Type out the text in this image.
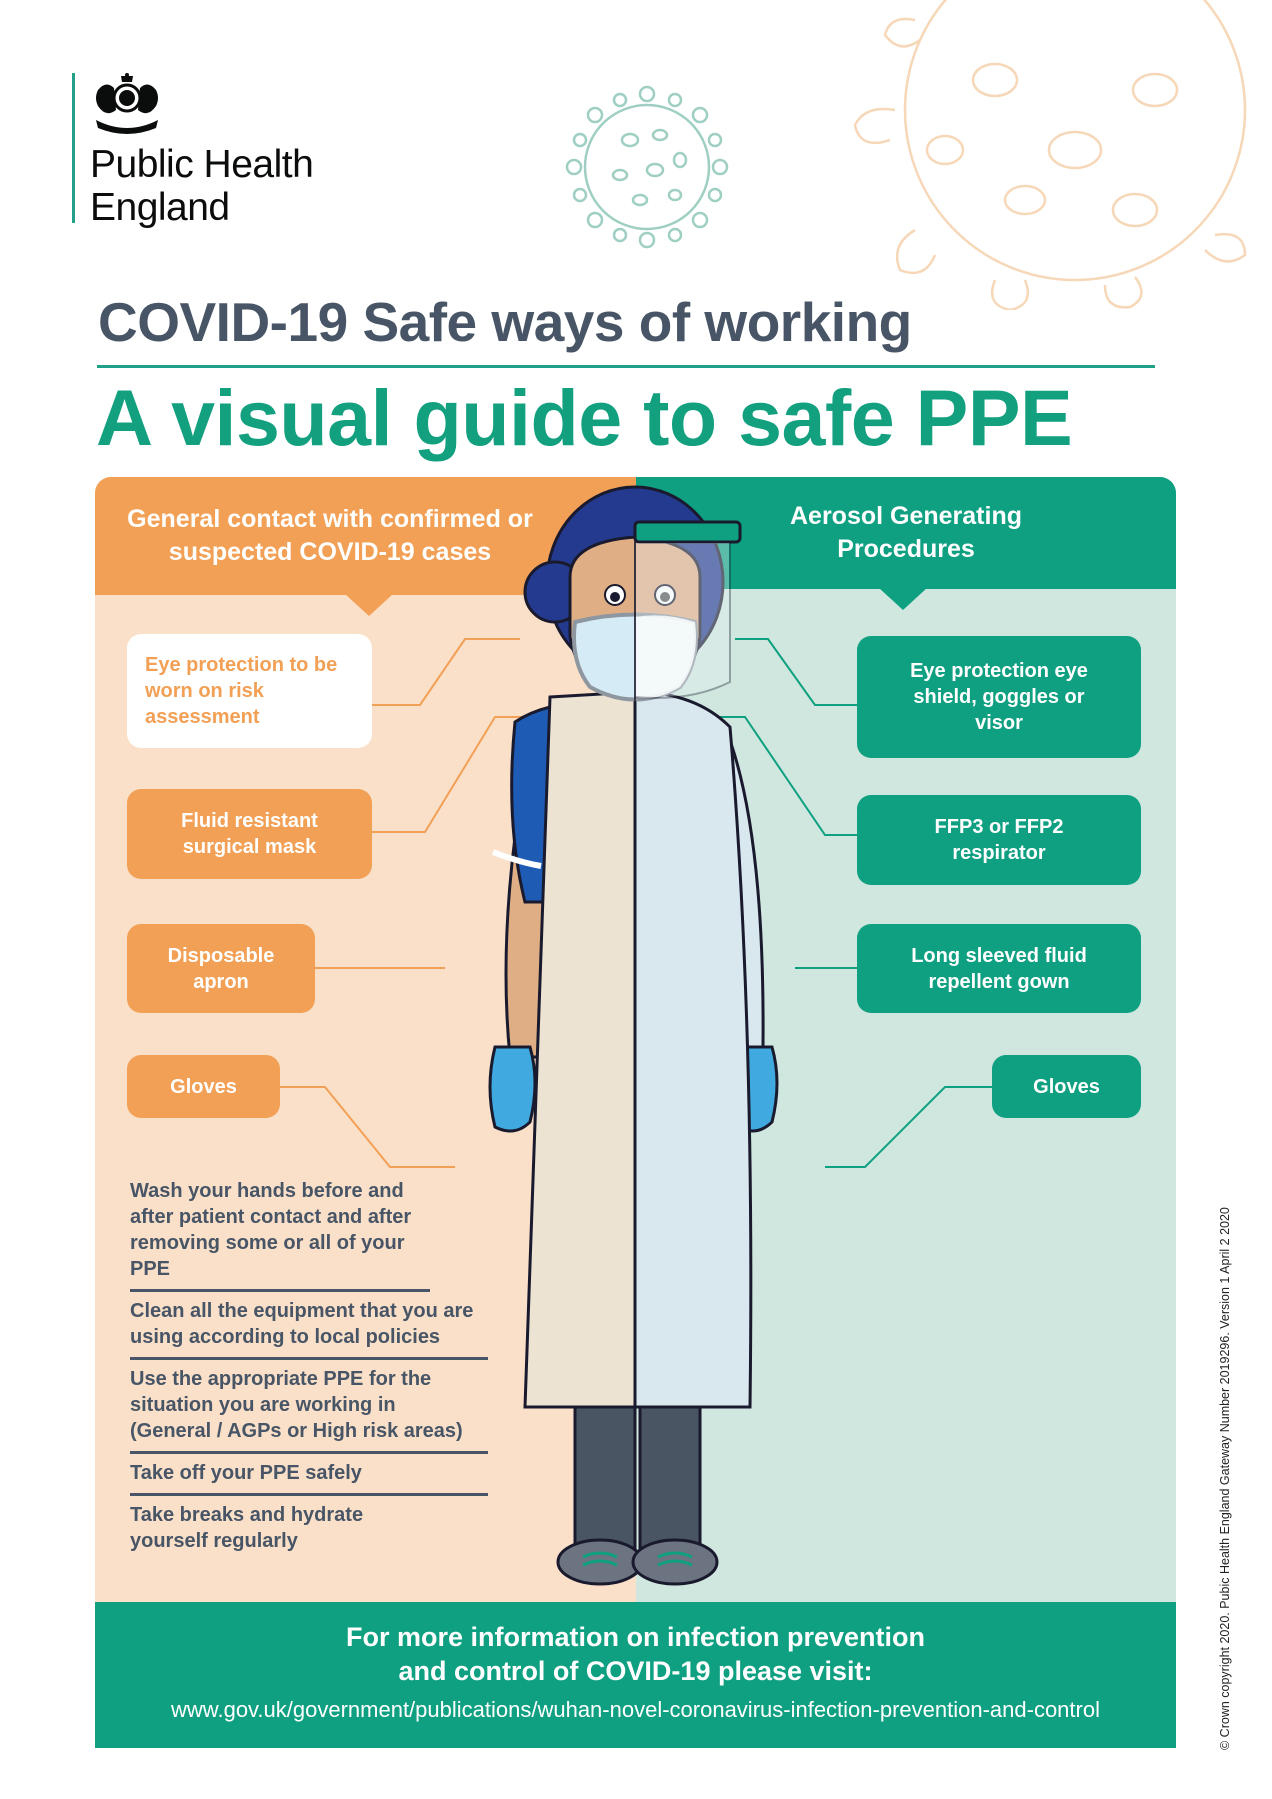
Public Health
England
COVID-19 Safe ways of working
A visual guide to safe PPE
General contact with confirmed or suspected COVID-19 cases
Aerosol Generating Procedures
Eye protection to be worn on risk assessment
Fluid resistant surgical mask
Disposable apron
Gloves
Eye protection eye shield, goggles or visor
FFP3 or FFP2 respirator
Long sleeved fluid repellent gown
Gloves
Wash your hands before and after patient contact and after removing some or all of your PPE
Clean all the equipment that you are using according to local policies
Use the appropriate PPE for the situation you are working in (General / AGPs or High risk areas)
Take off your PPE safely
Take breaks and hydrate yourself regularly
For more information on infection prevention
and control of COVID-19 please visit:
www.gov.uk/government/publications/wuhan-novel-coronavirus-infection-prevention-and-control	© Crown copyright 2020. Pubic Health England Gateway Number 2019296. Version 1 April 2 2020
